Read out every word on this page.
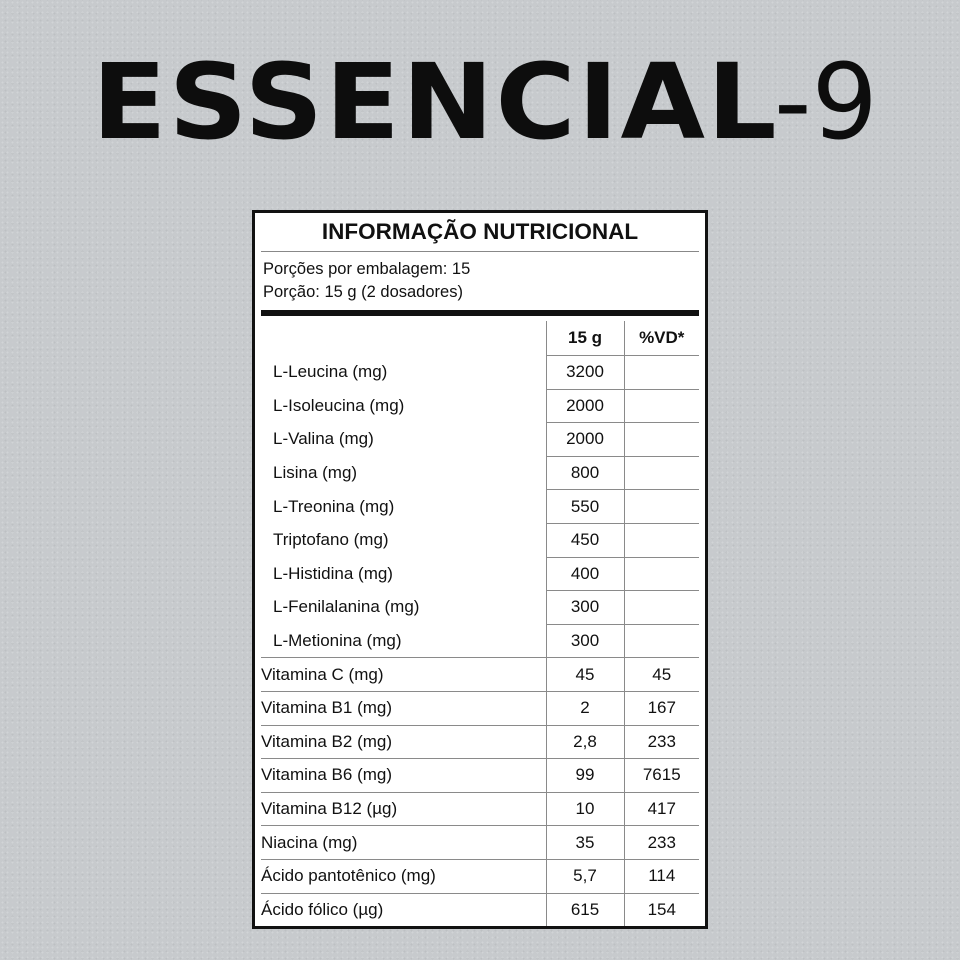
ESSENCIAL-9
INFORMAÇÃO NUTRICIONAL
Porções por embalagem: 15
Porção: 15 g (2 dosadores)
	15 g	%VD*
L-Leucina (mg)	3200	
L-Isoleucina (mg)	2000	
L-Valina (mg)	2000	
Lisina (mg)	800	
L-Treonina (mg)	550	
Triptofano (mg)	450	
L-Histidina (mg)	400	
L-Fenilalanina (mg)	300	
L-Metionina (mg)	300	
Vitamina C (mg)	45	45
Vitamina B1 (mg)	2	167
Vitamina B2 (mg)	2,8	233
Vitamina B6 (mg)	99	7615
Vitamina B12 (µg)	10	417
Niacina (mg)	35	233
Ácido pantotênico (mg)	5,7	114
Ácido fólico (µg)	615	154
